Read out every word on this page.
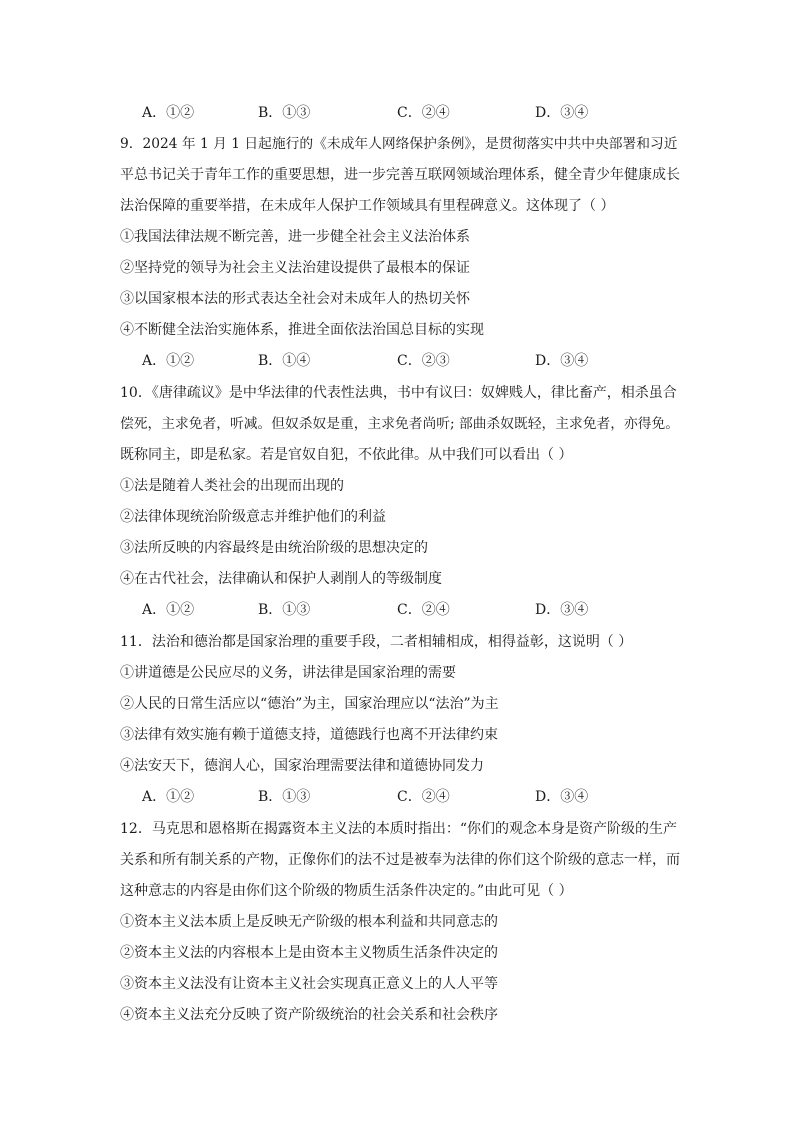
A．①②	B．①③	C．②④	D．③④
9．2024 年 1 月 1 日起施行的《未成年人网络保护条例》，是贯彻落实中共中央部署和习近
平总书记关于青年工作的重要思想，进一步完善互联网领域治理体系，健全青少年健康成长
法治保障的重要举措，在未成年人保护工作领域具有里程碑意义。这体现了（ ）
①我国法律法规不断完善，进一步健全社会主义法治体系
②坚持党的领导为社会主义法治建设提供了最根本的保证
③以国家根本法的形式表达全社会对未成年人的热切关怀
④不断健全法治实施体系，推进全面依法治国总目标的实现
A．①②	B．①④	C．②③	D．③④
10．《唐律疏议》是中华法律的代表性法典，书中有议曰：奴婢贱人，律比畜产，相杀虽合
偿死，主求免者，听减。但奴杀奴是重，主求免者尚听; 部曲杀奴既轻，主求免者，亦得免。
既称同主，即是私家。若是官奴自犯，不依此律。从中我们可以看出（ ）
①法是随着人类社会的出现而出现的
②法律体现统治阶级意志并维护他们的利益
③法所反映的内容最终是由统治阶级的思想决定的
④在古代社会，法律确认和保护人剥削人的等级制度
A．①②	B．①③	C．②④	D．③④
11．法治和德治都是国家治理的重要手段，二者相辅相成，相得益彰，这说明（ ）
①讲道德是公民应尽的义务，讲法律是国家治理的需要
②人民的日常生活应以“德治”为主，国家治理应以“法治”为主
③法律有效实施有赖于道德支持，道德践行也离不开法律约束
④法安天下，德润人心，国家治理需要法律和道德协同发力
A．①②	B．①③	C．②④	D．③④
12．马克思和恩格斯在揭露资本主义法的本质时指出：“你们的观念本身是资产阶级的生产
关系和所有制关系的产物，正像你们的法不过是被奉为法律的你们这个阶级的意志一样，而
这种意志的内容是由你们这个阶级的物质生活条件决定的。”由此可见（ ）
①资本主义法本质上是反映无产阶级的根本利益和共同意志的
②资本主义法的内容根本上是由资本主义物质生活条件决定的
③资本主义法没有让资本主义社会实现真正意义上的人人平等
④资本主义法充分反映了资产阶级统治的社会关系和社会秩序
